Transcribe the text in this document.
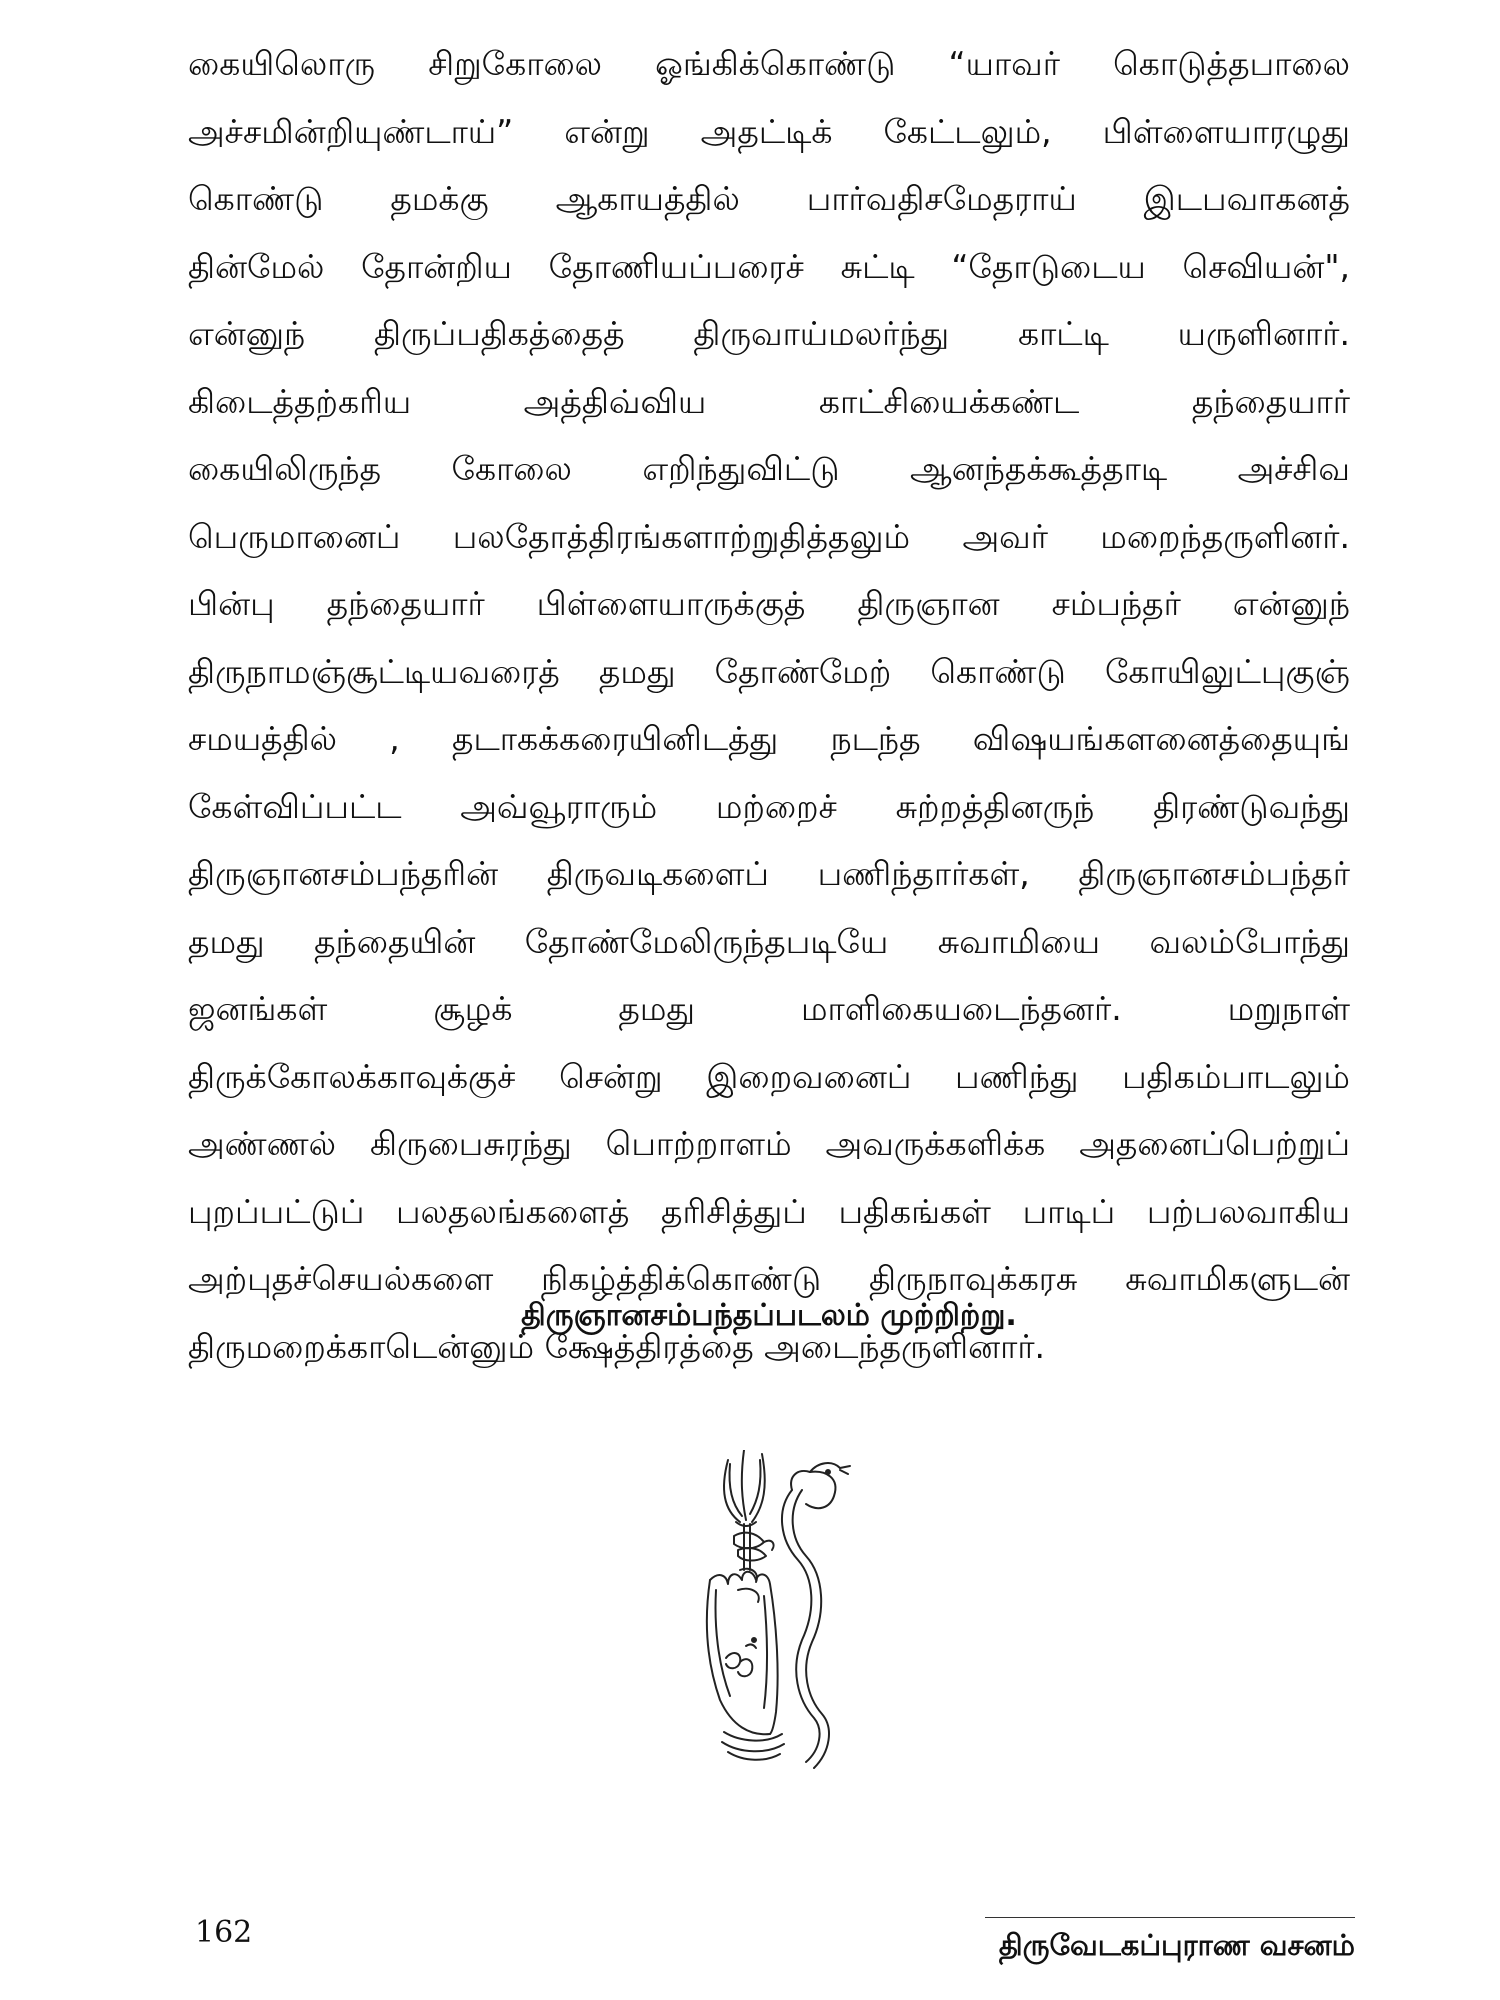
கையிலொரு சிறுகோலை ஓங்கிக்கொண்டு “யாவர் கொடுத்தபாலை
அச்சமின்றியுண்டாய்” என்று அதட்டிக் கேட்டலும், பிள்ளையாரழுது
கொண்டு தமக்கு ஆகாயத்தில் பார்வதிசமேதராய் இடபவாகனத்
தின்மேல் தோன்றிய தோணியப்பரைச் சுட்டி “தோடுடைய செவியன்",
என்னுந் திருப்பதிகத்தைத் திருவாய்மலர்ந்து காட்டி யருளினார்.
கிடைத்தற்கரிய அத்திவ்விய காட்சியைக்கண்ட தந்தையார்
கையிலிருந்த கோலை எறிந்துவிட்டு ஆனந்தக்கூத்தாடி அச்சிவ
பெருமானைப் பலதோத்திரங்களாற்றுதித்தலும் அவர் மறைந்தருளினர்.
பின்பு தந்தையார் பிள்ளையாருக்குத் திருஞான சம்பந்தர் என்னுந்
திருநாமஞ்சூட்டியவரைத் தமது தோண்மேற் கொண்டு கோயிலுட்புகுஞ்
சமயத்தில் , தடாகக்கரையினிடத்து நடந்த விஷயங்களனைத்தையுங்
கேள்விப்பட்ட அவ்வூராரும் மற்றைச் சுற்றத்தினருந் திரண்டுவந்து
திருஞானசம்பந்தரின் திருவடிகளைப் பணிந்தார்கள், திருஞானசம்பந்தர்
தமது தந்தையின் தோண்மேலிருந்தபடியே சுவாமியை வலம்போந்து
ஜனங்கள் சூழக் தமது மாளிகையடைந்தனர். மறுநாள்
திருக்கோலக்காவுக்குச் சென்று இறைவனைப் பணிந்து பதிகம்பாடலும்
அண்ணல் கிருபைசுரந்து பொற்றாளம் அவருக்களிக்க அதனைப்பெற்றுப்
புறப்பட்டுப் பலதலங்களைத் தரிசித்துப் பதிகங்கள் பாடிப் பற்பலவாகிய
அற்புதச்செயல்களை நிகழ்த்திக்கொண்டு திருநாவுக்கரசு சுவாமிகளுடன்
திருமறைக்காடென்னும் க்ஷேத்திரத்தை அடைந்தருளினார்.
திருஞானசம்பந்தப்படலம் முற்றிற்று.
162	திருவேடகப்புராண வசனம்
